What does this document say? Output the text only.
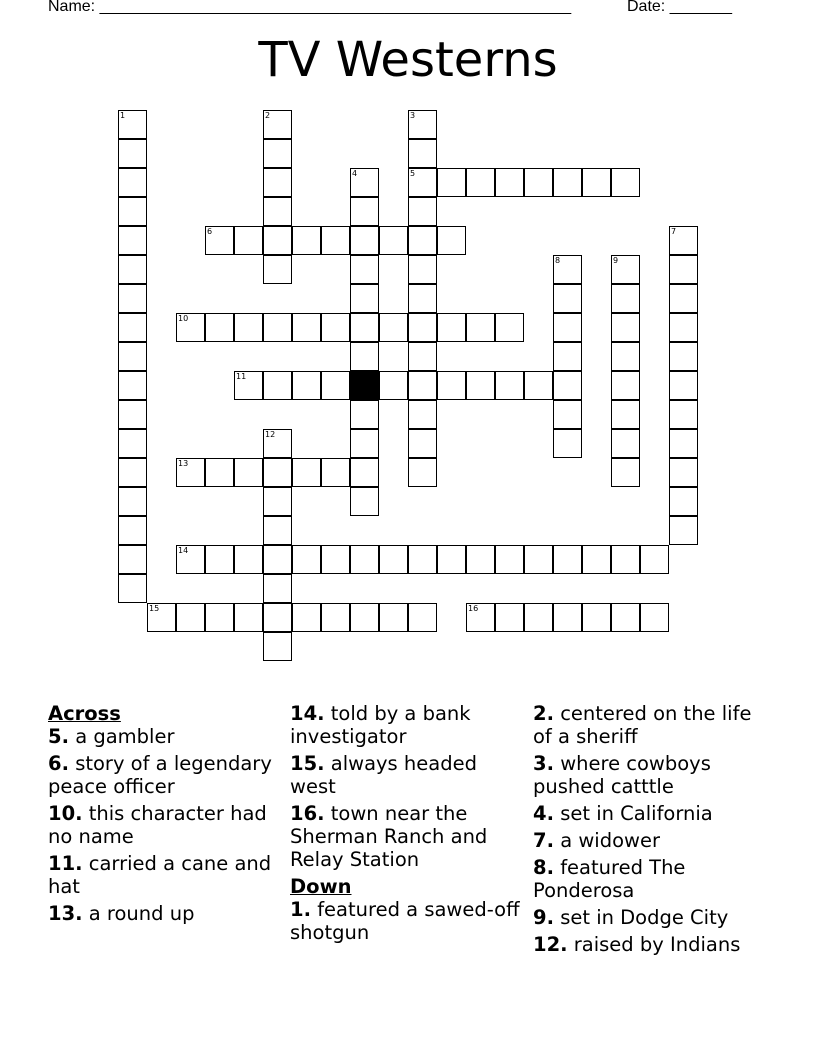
Name: _____________________________________________________	Date: _______
TV Westerns
1	2	3
5
4
6	7
8	9
10
11
12
13
14
15	16
Across
5. a gambler
6. story of a legendary peace officer
10. this character had no name
11. carried a cane and hat
13. a round up
14. told by a bank investigator
15. always headed west
16. town near the Sherman Ranch and Relay Station
Down
1. featured a sawed-off shotgun
2. centered on the life of a sheriff
3. where cowboys pushed catttle
4. set in California
7. a widower
8. featured The Ponderosa
9. set in Dodge City
12. raised by Indians
